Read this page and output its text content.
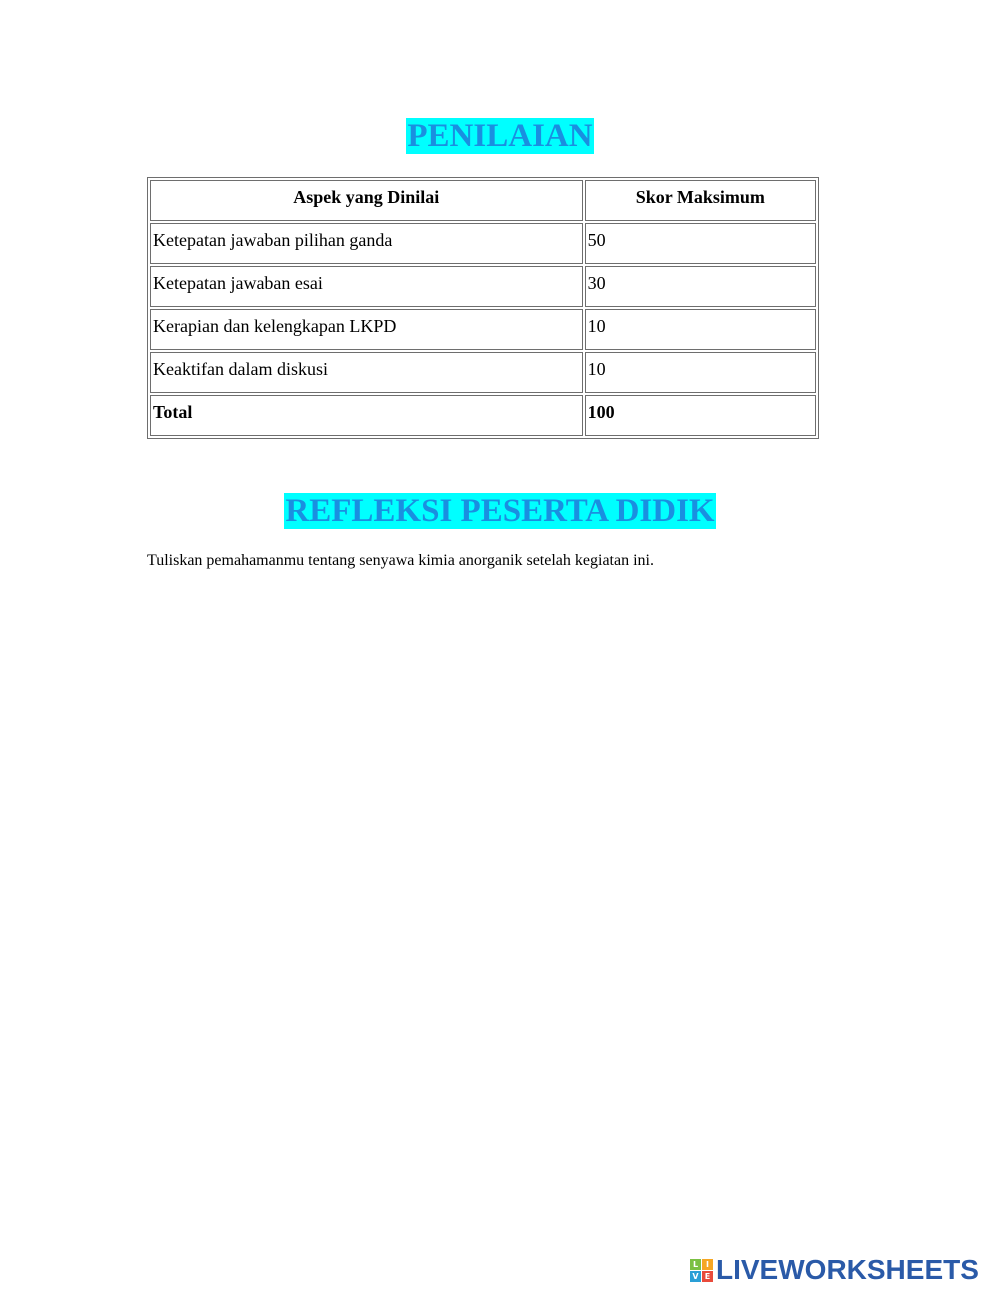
PENILAIAN
Aspek yang Dinilai	Skor Maksimum
Ketepatan jawaban pilihan ganda	50
Ketepatan jawaban esai	30
Kerapian dan kelengkapan LKPD	10
Keaktifan dalam diskusi	10
Total	100
REFLEKSI PESERTA DIDIK

Tuliskan pemahamanmu tentang senyawa kimia anorganik setelah kegiatan ini.

L I
V E LIVEWORKSHEETS
